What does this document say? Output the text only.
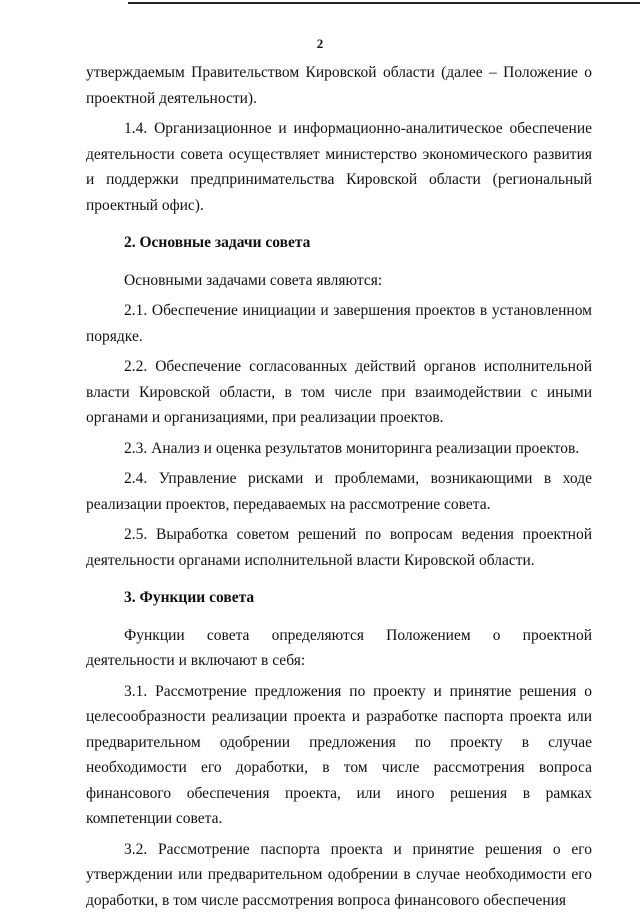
2

утверждаемым Правительством Кировской области (далее – Положение о проектной деятельности).

1.4. Организационное и информационно-аналитическое обеспечение деятельности совета осуществляет министерство экономического развития и поддержки предпринимательства Кировской области (региональный проектный офис).

2. Основные задачи совета

Основными задачами совета являются:

2.1. Обеспечение инициации и завершения проектов в установленном порядке.

2.2. Обеспечение согласованных действий органов исполнительной власти Кировской области, в том числе при взаимодействии с иными органами и организациями, при реализации проектов.

2.3. Анализ и оценка результатов мониторинга реализации проектов.

2.4. Управление рисками и проблемами, возникающими в ходе реализации проектов, передаваемых на рассмотрение совета.

2.5. Выработка советом решений по вопросам ведения проектной деятельности органами исполнительной власти Кировской области.

3. Функции совета

Функции совета определяются Положением о проектной деятельности и включают в себя:

3.1. Рассмотрение предложения по проекту и принятие решения о целесообразности реализации проекта и разработке паспорта проекта или предварительном одобрении предложения по проекту в случае необходимости его доработки, в том числе рассмотрения вопроса финансового обеспечения проекта, или иного решения в рамках компетенции совета.

3.2. Рассмотрение паспорта проекта и принятие решения о его утверждении или предварительном одобрении в случае необходимости его доработки, в том числе рассмотрения вопроса финансового обеспечения
